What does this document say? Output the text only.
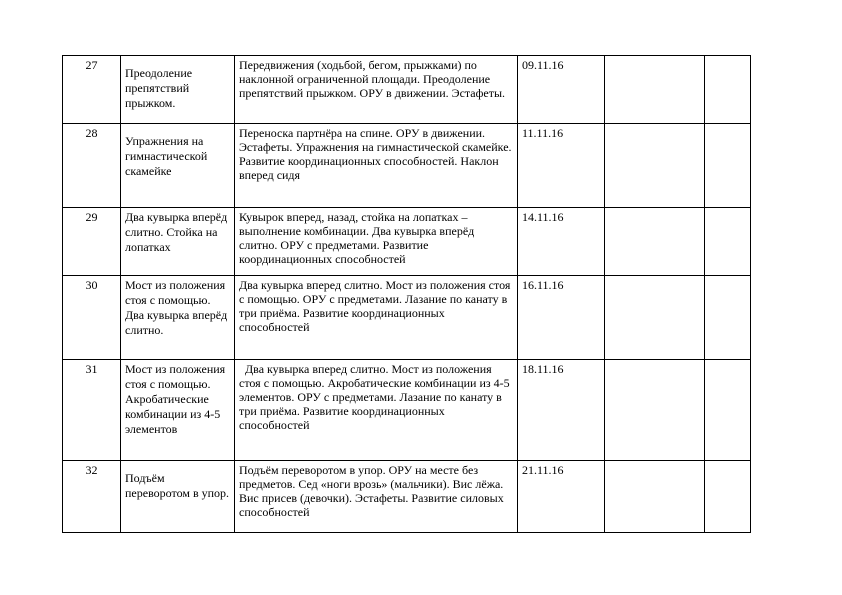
27	Преодоление препятствий прыжком.	Передвижения (ходьбой, бегом, прыжками) по наклонной ограниченной площади. Преодоление препятствий прыжком. ОРУ в движении. Эстафеты.	09.11.16		
28	Упражнения на гимнастической скамейке	Переноска партнёра на спине. ОРУ в движении. Эстафеты. Упражнения на гимнастической скамейке. Развитие координационных способностей. Наклон вперед сидя	11.11.16		
29	Два кувырка вперёд слитно. Стойка на лопатках	Кувырок вперед, назад, стойка на лопатках – выполнение комбинации. Два кувырка вперёд слитно. ОРУ с предметами. Развитие координационных способностей	14.11.16		
30	Мост из положения стоя с помощью. Два кувырка вперёд слитно.	Два кувырка вперед слитно. Мост из положения стоя с помощью. ОРУ с предметами. Лазание по канату в три приёма. Развитие координационных способностей	16.11.16		
31	Мост из положения стоя с помощью. Акробатические комбинации из 4-5 элементов	Два кувырка вперед слитно. Мост из положения стоя с помощью. Акробатические комбинации из 4-5 элементов. ОРУ с предметами. Лазание по канату в три приёма. Развитие координационных способностей	18.11.16		
32	Подъём переворотом в упор.	Подъём переворотом в упор. ОРУ на месте без предметов. Сед «ноги врозь» (мальчики). Вис лёжа. Вис присев (девочки). Эстафеты. Развитие силовых способностей	21.11.16		
